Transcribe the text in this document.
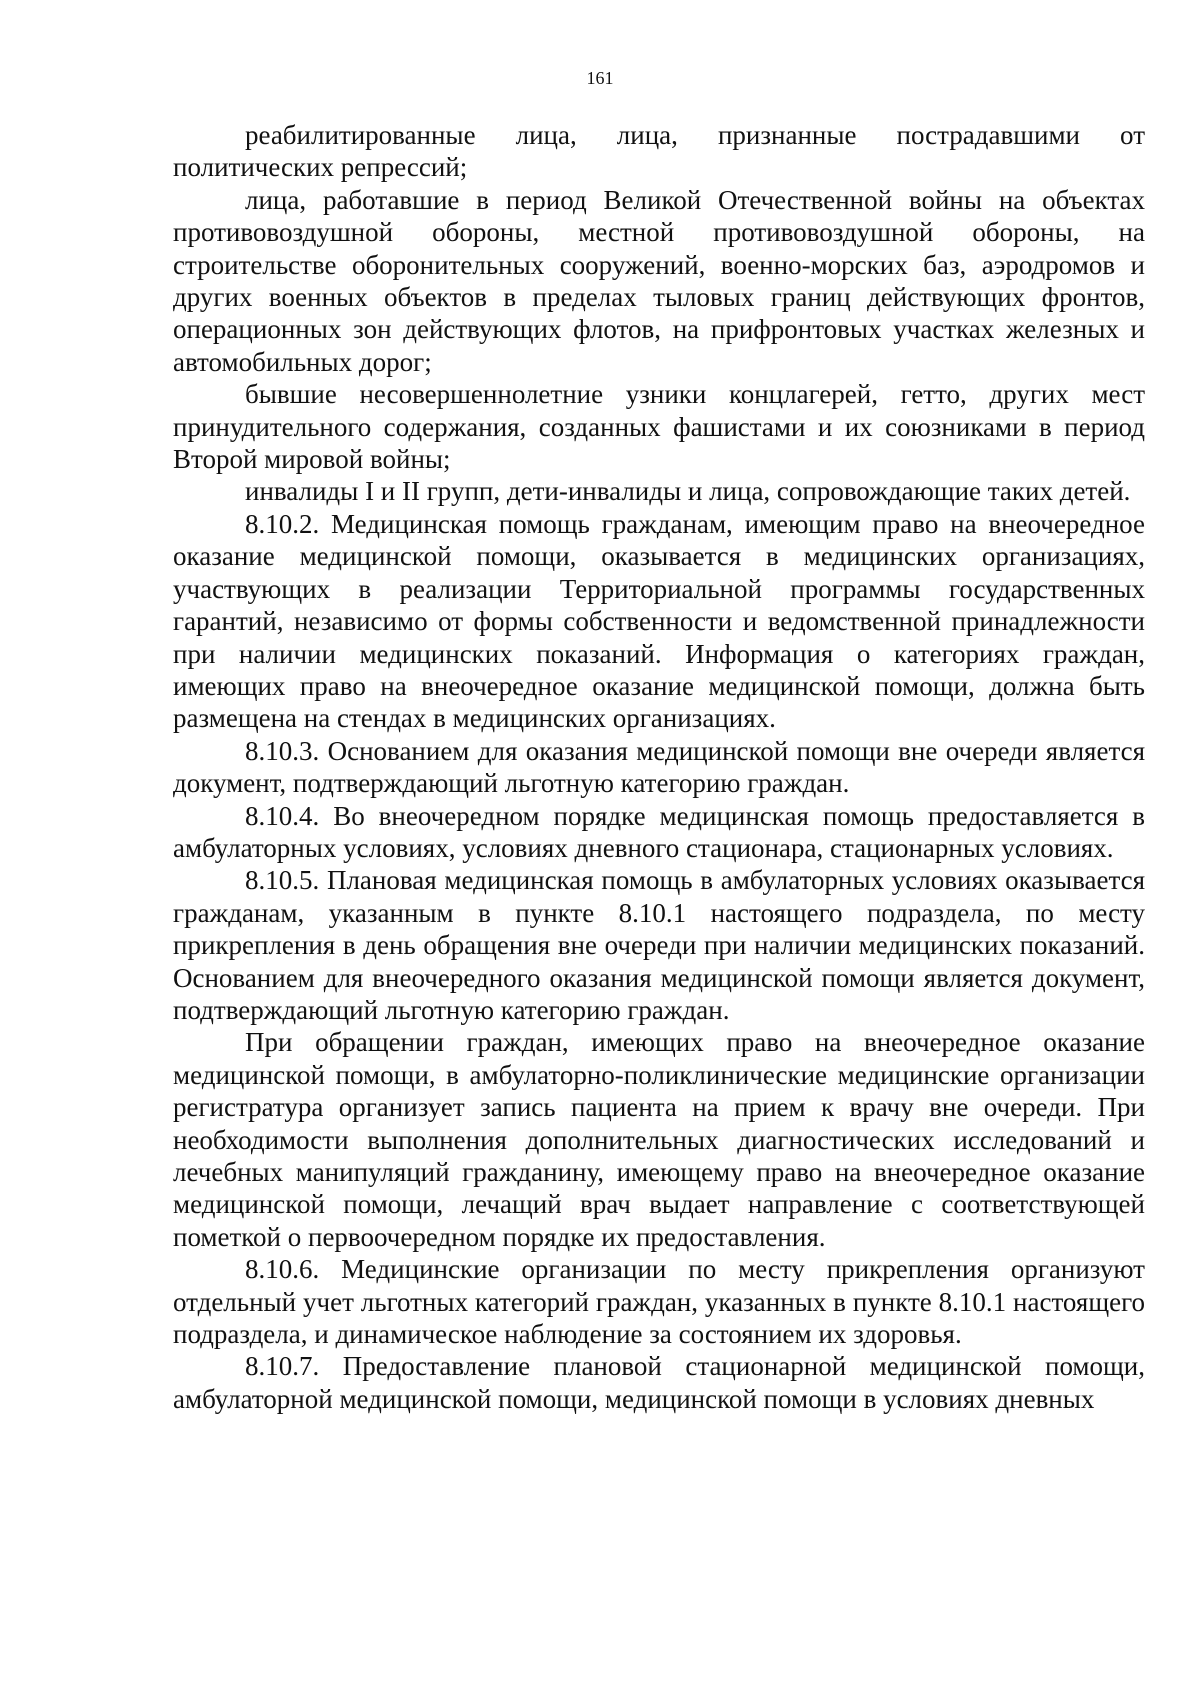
161

реабилитированные лица, лица, признанные пострадавшими от политических репрессий;

лица, работавшие в период Великой Отечественной войны на объектах противовоздушной обороны, местной противовоздушной обороны, на строительстве оборонительных сооружений, военно-морских баз, аэродромов и других военных объектов в пределах тыловых границ действующих фронтов, операционных зон действующих флотов, на прифронтовых участках железных и автомобильных дорог;

бывшие несовершеннолетние узники концлагерей, гетто, других мест принудительного содержания, созданных фашистами и их союзниками в период Второй мировой войны;

инвалиды I и II групп, дети-инвалиды и лица, сопровождающие таких детей.

8.10.2. Медицинская помощь гражданам, имеющим право на внеочередное оказание медицинской помощи, оказывается в медицинских организациях, участвующих в реализации Территориальной программы государственных гарантий, независимо от формы собственности и ведомственной принадлежности при наличии медицинских показаний. Информация о категориях граждан, имеющих право на внеочередное оказание медицинской помощи, должна быть размещена на стендах в медицинских организациях.

8.10.3. Основанием для оказания медицинской помощи вне очереди является документ, подтверждающий льготную категорию граждан.

8.10.4. Во внеочередном порядке медицинская помощь предоставляется в амбулаторных условиях, условиях дневного стационара, стационарных условиях.

8.10.5. Плановая медицинская помощь в амбулаторных условиях оказывается гражданам, указанным в пункте 8.10.1 настоящего подраздела, по месту прикрепления в день обращения вне очереди при наличии медицинских показаний. Основанием для внеочередного оказания медицинской помощи является документ, подтверждающий льготную категорию граждан.

При обращении граждан, имеющих право на внеочередное оказание медицинской помощи, в амбулаторно-поликлинические медицинские организации регистратура организует запись пациента на прием к врачу вне очереди. При необходимости выполнения дополнительных диагностических исследований и лечебных манипуляций гражданину, имеющему право на внеочередное оказание медицинской помощи, лечащий врач выдает направление с соответствующей пометкой о первоочередном порядке их предоставления.

8.10.6. Медицинские организации по месту прикрепления организуют отдельный учет льготных категорий граждан, указанных в пункте 8.10.1 настоящего подраздела, и динамическое наблюдение за состоянием их здоровья.

8.10.7. Предоставление плановой стационарной медицинской помощи, амбулаторной медицинской помощи, медицинской помощи в условиях дневных
